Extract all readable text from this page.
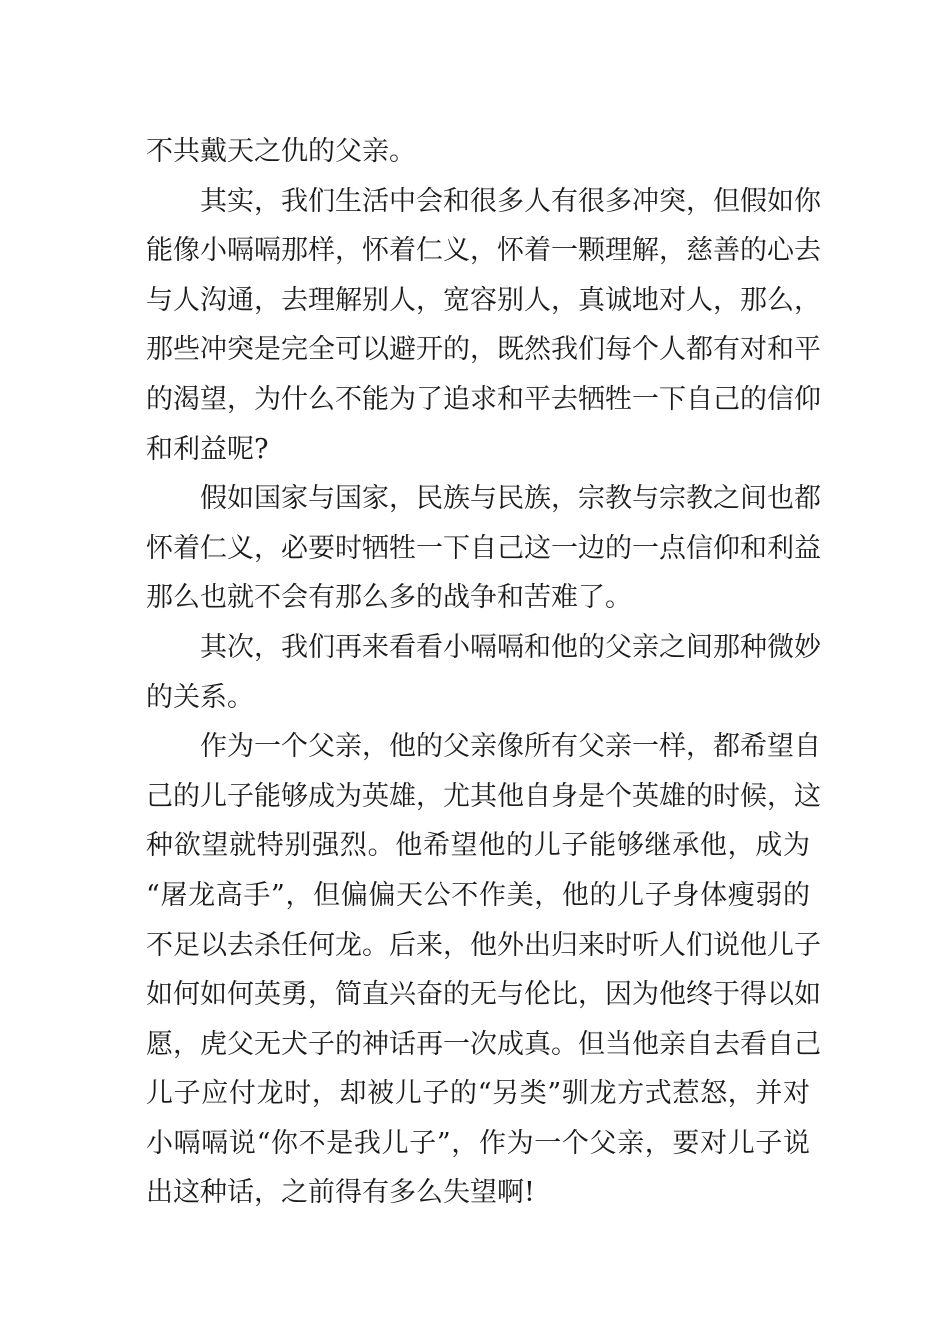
不共戴天之仇的父亲。
其实，我们生活中会和很多人有很多冲突，但假如你
能像小嗝嗝那样，怀着仁义，怀着一颗理解，慈善的心去
与人沟通，去理解别人，宽容别人，真诚地对人，那么，
那些冲突是完全可以避开的，既然我们每个人都有对和平
的渴望，为什么不能为了追求和平去牺牲一下自己的信仰
和利益呢?
假如国家与国家，民族与民族，宗教与宗教之间也都
怀着仁义，必要时牺牲一下自己这一边的一点信仰和利益
那么也就不会有那么多的战争和苦难了。
其次，我们再来看看小嗝嗝和他的父亲之间那种微妙
的关系。
作为一个父亲，他的父亲像所有父亲一样，都希望自
己的儿子能够成为英雄，尤其他自身是个英雄的时候，这
种欲望就特别强烈。他希望他的儿子能够继承他，成为
“屠龙高手”，但偏偏天公不作美，他的儿子身体瘦弱的
不足以去杀任何龙。后来，他外出归来时听人们说他儿子
如何如何英勇，简直兴奋的无与伦比，因为他终于得以如
愿，虎父无犬子的神话再一次成真。但当他亲自去看自己
儿子应付龙时，却被儿子的“另类”驯龙方式惹怒，并对
小嗝嗝说“你不是我儿子”，作为一个父亲，要对儿子说
出这种话，之前得有多么失望啊!
